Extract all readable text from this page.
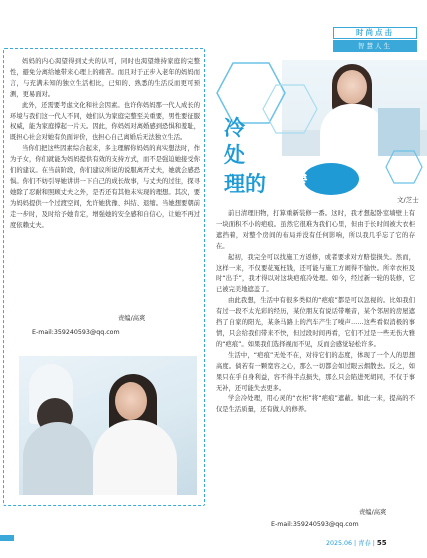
妈妈的内心渴望得到丈夫的认可，同时也渴望维持家庭的完整性，避免分离给她带来心理上的痛苦。而且对于正步入老年的妈妈而言，与充满未知的独立生活相比，已知的、熟悉的生活反而更可预测，更易面对。

此外，还需要考虑文化和社会因素。也许你妈妈那一代人成长的环境与我们这一代人不同，她们认为家庭完整至关重要，男性要征服权威，能为家庭撑起一片天。因此，你妈妈对离婚感到恐惧和羞耻，既担心社会对她有负面评价，也担心自己离婚后无法独立生活。

当你们把这些因素综合起来，多主理解你妈妈的真实想法时，作为子女，你们就能为妈妈提供有效的支持方式，而不是强迫她接受你们的建议。在当前阶段，你们建议所说的说服离开丈夫，她就会感恐惧。你们不妨引导她讲讲一下自己的成长故事，与丈夫的过往，探寻她除了忍耐和照顾丈夫之外，是否还有其他未实现的理想。其次，要为妈妈提供一个过渡空间，允许她犹豫、纠结、退缩。当她想要朝前走一步时，及时给予她肯定，增强她的安全感和自信心，让她不再过度依赖丈夫。

责编/高爽
E-mail:359240593@qq.com
时尚点击
智慧人生
冷
处
理的智慧
文/芝士

前日清理旧物，打算重新装修一番。这时，我才想起卧室墙壁上有一块面积不小的疤痕。虽然它很难为我们心里，但由于长时间被大衣柜遮挡着，对整个房间的布局并没有任何影响，所以我几乎忘了它的存在。

起初，我完全可以找施工方返修，或者要求对方赔偿损失。然而，这样一来，不仅要花冤枉钱，还可能与施工方闹得不愉快。所幸衣柜及时“出手”，我才得以对这块疤痕冷处理。如今，经过新一轮的装修，它已被完美地遮盖了。

由此我想，生活中有很多类似的“疤痕”都是可以忽视的。比如我们有过一段不太光彩的经历，某位朋友有说话带喉音，某个邻居的房屋遮挡了自家的阳光，某条马路上的汽车产生了噪声……这些看似消极的事情，只会给我们带来不快，但过段时间再看，它们不过是一些无伤大雅的“疤痕”。如果我们选择视而不见，反而会感觉轻松许多。

生活中，“疤痕”无处不在，对待它们的态度，体现了一个人的思想高度。倘若有一颗宽容之心，那么一切都会如过眼云烟散去。反之，如果只在乎自身利益，容不得半点损失，那么只会陷进死胡同，不仅于事无补，还可能失去更多。

学会冷处理，用心灵的“衣柜”将“疤痕”遮蔽。如此一来，提高的不仅是生活质量，还有做人的修养。

责编/高爽
E-mail:359240593@qq.com
2025.06 | 青春 | 55
